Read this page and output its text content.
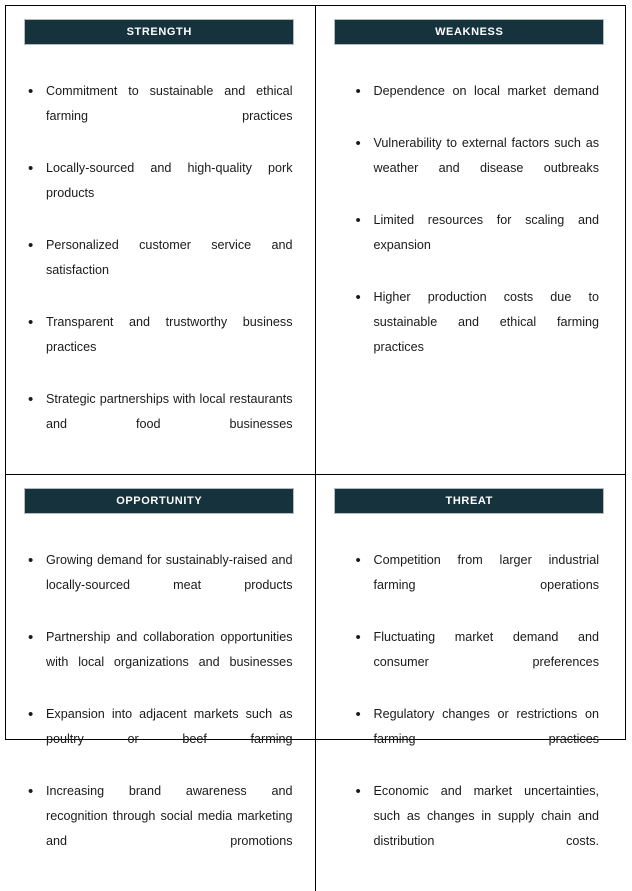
STRENGTH
•
Commitment to sustainable and ethical farming practices
•
Locally-sourced and high-quality pork products
•
Personalized customer service and satisfaction
•
Transparent and trustworthy business practices
•
Strategic partnerships with local restaurants and food businesses
WEAKNESS
•
Dependence on local market demand
•
Vulnerability to external factors such as weather and disease outbreaks
•
Limited resources for scaling and expansion
•
Higher production costs due to sustainable and ethical farming practices
OPPORTUNITY
•
Growing demand for sustainably-raised and locally-sourced meat products
•
Partnership and collaboration opportunities with local organizations and businesses
•
Expansion into adjacent markets such as poultry or beef farming
•
Increasing brand awareness and recognition through social media marketing and promotions
THREAT
•
Competition from larger industrial farming operations
•
Fluctuating market demand and consumer preferences
•
Regulatory changes or restrictions on farming practices
•
Economic and market uncertainties, such as changes in supply chain and distribution costs.
